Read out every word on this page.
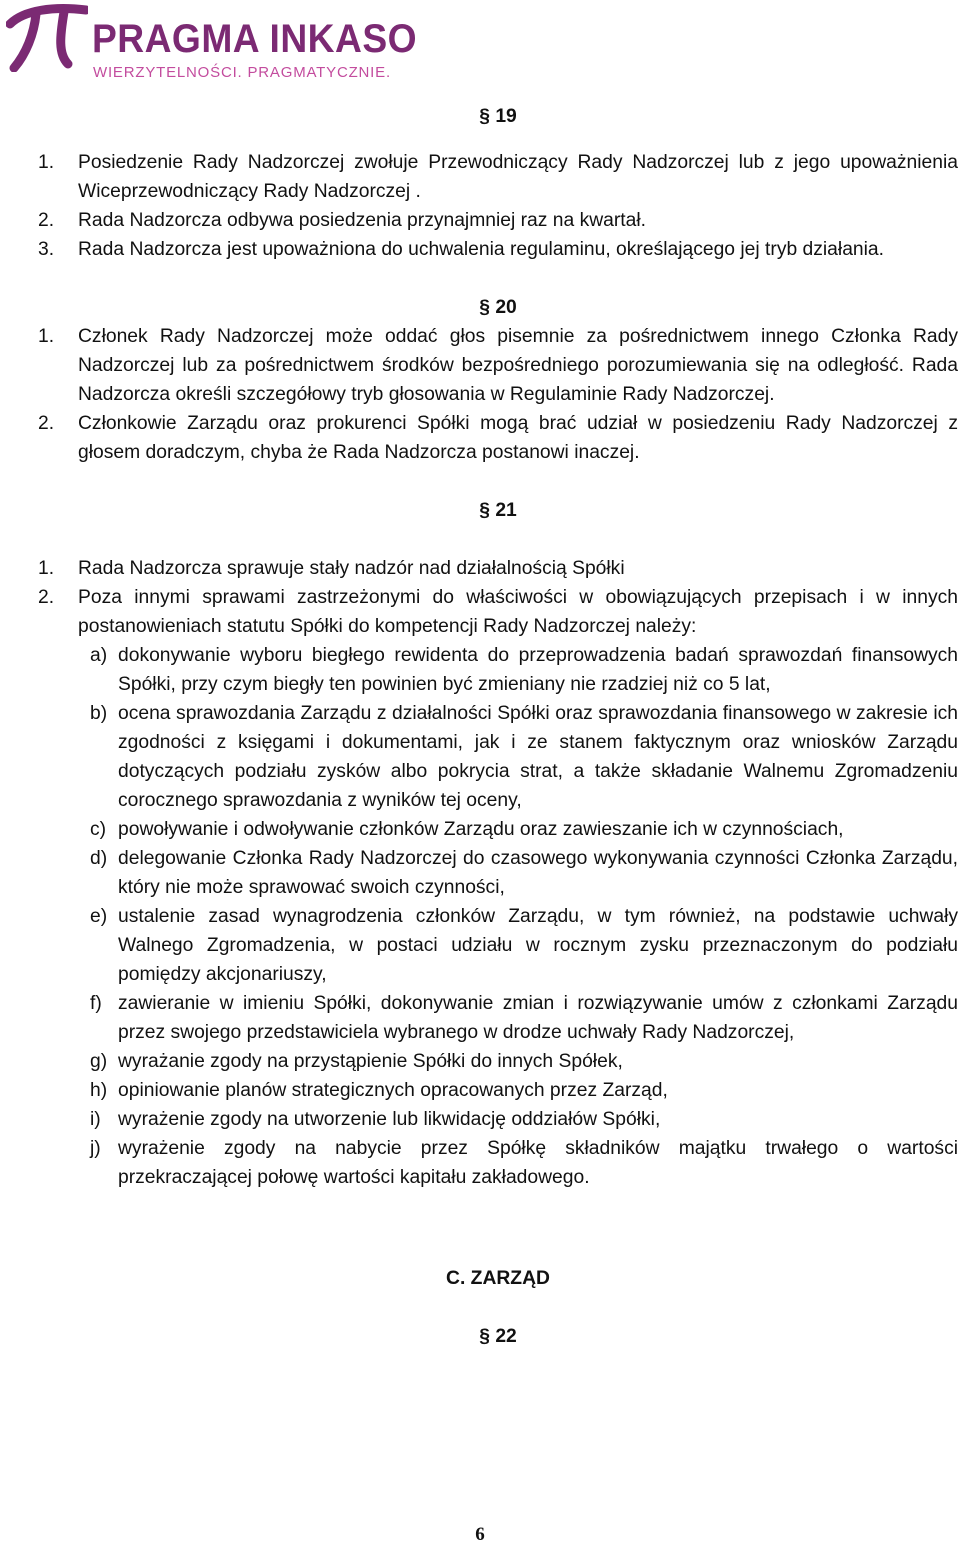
PRAGMA INKASO
WIERZYTELNOŚCI. PRAGMATYCZNIE.
§ 19
1. Posiedzenie Rady Nadzorczej zwołuje Przewodniczący Rady Nadzorczej lub z jego upoważnienia Wiceprzewodniczący Rady Nadzorczej .
2. Rada Nadzorcza odbywa posiedzenia przynajmniej raz na kwartał.
3. Rada Nadzorcza jest upoważniona do uchwalenia regulaminu, określającego jej tryb działania.
§ 20
1. Członek Rady Nadzorczej może oddać głos pisemnie za pośrednictwem innego Członka Rady Nadzorczej lub za pośrednictwem środków bezpośredniego porozumiewania się na odległość. Rada Nadzorcza określi szczegółowy tryb głosowania w Regulaminie Rady Nadzorczej.
2. Członkowie Zarządu oraz prokurenci Spółki mogą brać udział w posiedzeniu Rady Nadzorczej z głosem doradczym, chyba że Rada Nadzorcza postanowi inaczej.
§ 21
1. Rada Nadzorcza sprawuje stały nadzór nad działalnością Spółki
2. Poza innymi sprawami zastrzeżonymi do właściwości w obowiązujących przepisach i w innych postanowieniach statutu Spółki do kompetencji Rady Nadzorczej należy:
a) dokonywanie wyboru biegłego rewidenta do przeprowadzenia badań sprawozdań finansowych Spółki, przy czym biegły ten powinien być zmieniany nie rzadziej niż co 5 lat,
b) ocena sprawozdania Zarządu z działalności Spółki oraz sprawozdania finansowego w zakresie ich zgodności z księgami i dokumentami, jak i ze stanem faktycznym oraz wniosków Zarządu dotyczących podziału zysków albo pokrycia strat, a także składanie Walnemu Zgromadzeniu corocznego sprawozdania z wyników tej oceny,
c) powoływanie i odwoływanie członków Zarządu oraz zawieszanie ich w czynnościach,
d) delegowanie Członka Rady Nadzorczej do czasowego wykonywania czynności Członka Zarządu, który nie może sprawować swoich czynności,
e) ustalenie zasad wynagrodzenia członków Zarządu, w tym również, na podstawie uchwały Walnego Zgromadzenia, w postaci udziału w rocznym zysku przeznaczonym do podziału pomiędzy akcjonariuszy,
f) zawieranie w imieniu Spółki, dokonywanie zmian i rozwiązywanie umów z członkami Zarządu przez swojego przedstawiciela wybranego w drodze uchwały Rady Nadzorczej,
g) wyrażanie zgody na przystąpienie Spółki do innych Spółek,
h) opiniowanie planów strategicznych opracowanych przez Zarząd,
i) wyrażenie zgody na utworzenie lub likwidację oddziałów Spółki,
j) wyrażenie zgody na nabycie przez Spółkę składników majątku trwałego o wartości przekraczającej połowę wartości kapitału zakładowego.
C. ZARZĄD
§ 22
6
